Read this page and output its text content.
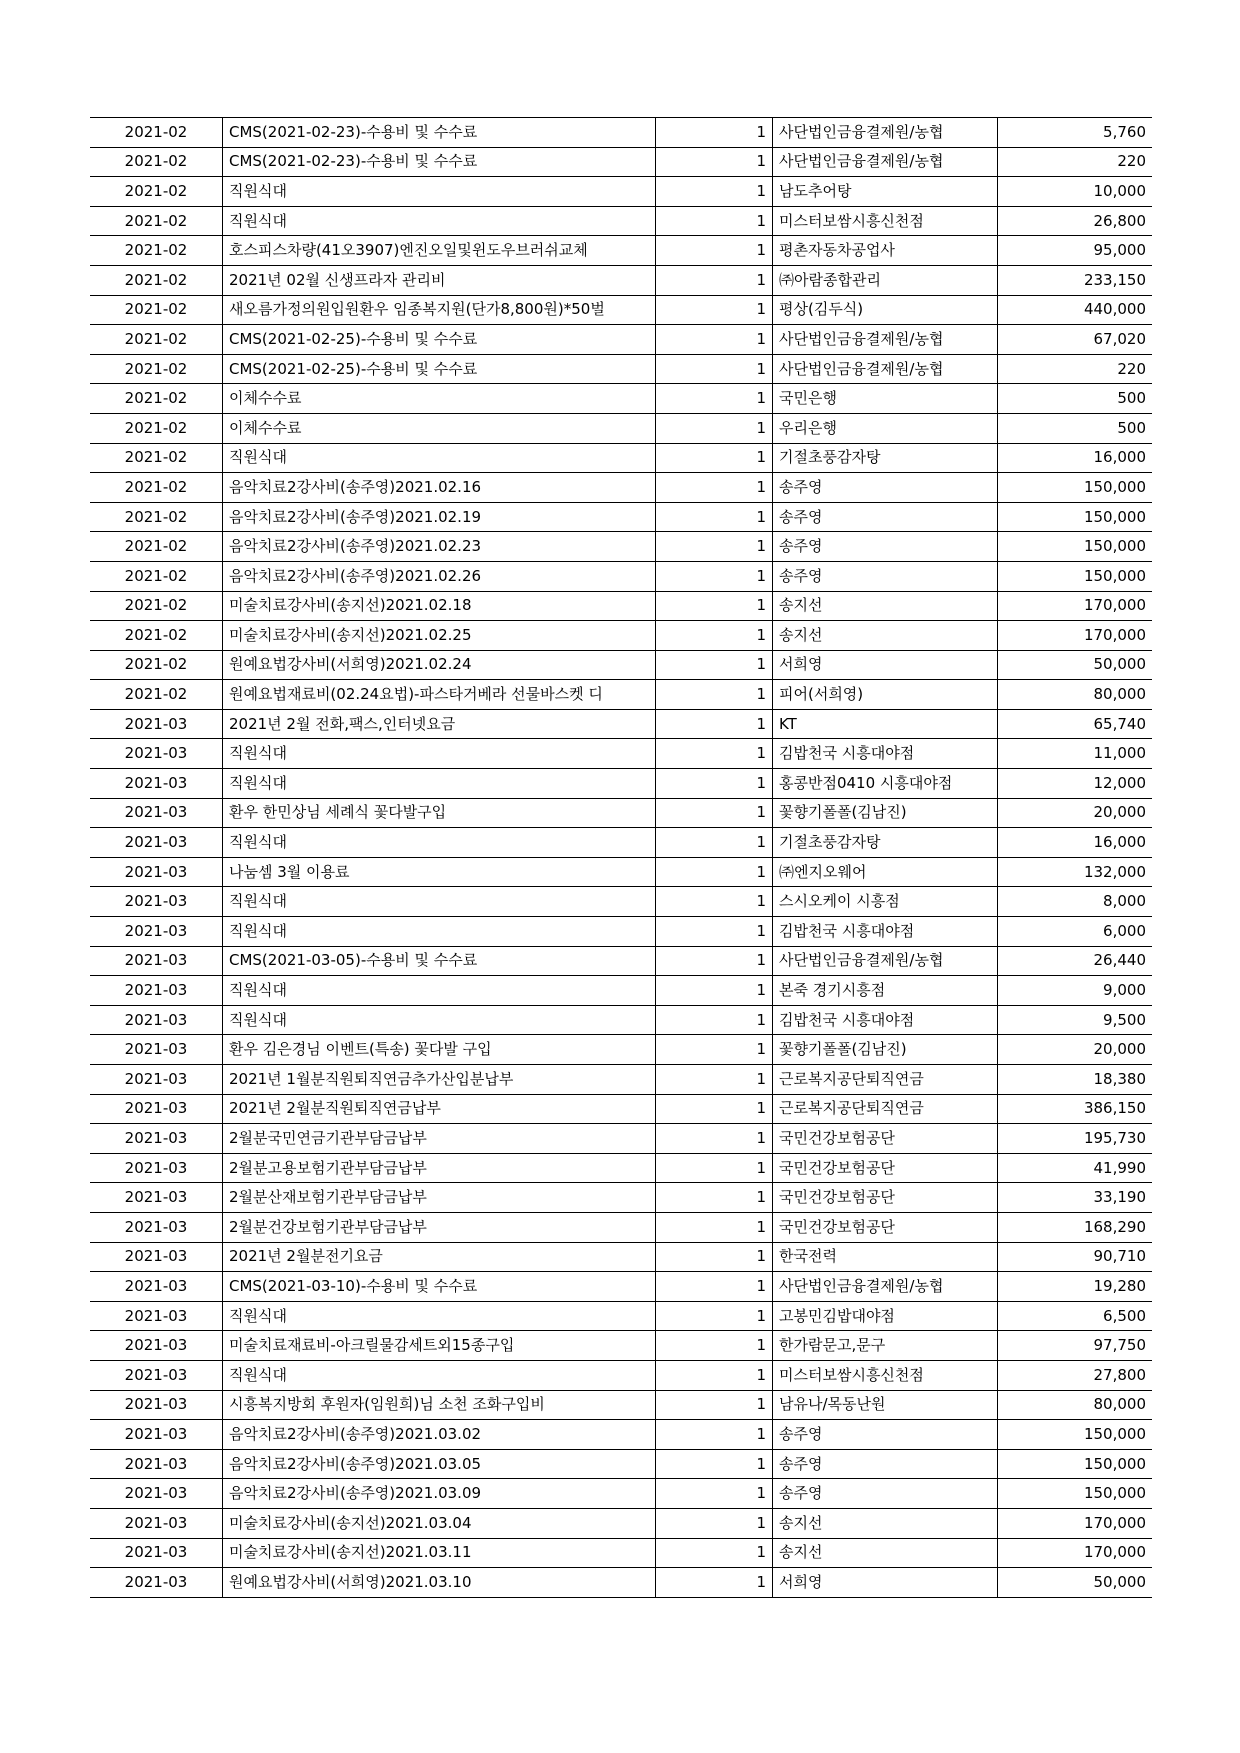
2021-02	CMS(2021-02-23)-수용비 및 수수료	1	사단법인금융결제원/농협	5,760
2021-02	CMS(2021-02-23)-수용비 및 수수료	1	사단법인금융결제원/농협	220
2021-02	직원식대	1	남도추어탕	10,000
2021-02	직원식대	1	미스터보쌈시흥신천점	26,800
2021-02	호스피스차량(41오3907)엔진오일및윈도우브러쉬교체	1	평촌자동차공업사	95,000
2021-02	2021년 02월 신생프라자 관리비	1	㈜아람종합관리	233,150
2021-02	새오름가정의원입원환우 임종복지원(단가8,800원)*50벌	1	평상(김두식)	440,000
2021-02	CMS(2021-02-25)-수용비 및 수수료	1	사단법인금융결제원/농협	67,020
2021-02	CMS(2021-02-25)-수용비 및 수수료	1	사단법인금융결제원/농협	220
2021-02	이체수수료	1	국민은행	500
2021-02	이체수수료	1	우리은행	500
2021-02	직원식대	1	기절초풍감자탕	16,000
2021-02	음악치료2강사비(송주영)2021.02.16	1	송주영	150,000
2021-02	음악치료2강사비(송주영)2021.02.19	1	송주영	150,000
2021-02	음악치료2강사비(송주영)2021.02.23	1	송주영	150,000
2021-02	음악치료2강사비(송주영)2021.02.26	1	송주영	150,000
2021-02	미술치료강사비(송지선)2021.02.18	1	송지선	170,000
2021-02	미술치료강사비(송지선)2021.02.25	1	송지선	170,000
2021-02	원예요법강사비(서희영)2021.02.24	1	서희영	50,000
2021-02	원예요법재료비(02.24요법)-파스타거베라 선물바스켓 디	1	피어(서희영)	80,000
2021-03	2021년 2월 전화,팩스,인터넷요금	1	KT	65,740
2021-03	직원식대	1	김밥천국 시흥대야점	11,000
2021-03	직원식대	1	홍콩반점0410 시흥대야점	12,000
2021-03	환우 한민상님 세례식 꽃다발구입	1	꽃향기폴폴(김남진)	20,000
2021-03	직원식대	1	기절초풍감자탕	16,000
2021-03	나눔셈 3월 이용료	1	㈜엔지오웨어	132,000
2021-03	직원식대	1	스시오케이 시흥점	8,000
2021-03	직원식대	1	김밥천국 시흥대야점	6,000
2021-03	CMS(2021-03-05)-수용비 및 수수료	1	사단법인금융결제원/농협	26,440
2021-03	직원식대	1	본죽 경기시흥점	9,000
2021-03	직원식대	1	김밥천국 시흥대야점	9,500
2021-03	환우 김은경님 이벤트(특송) 꽃다발 구입	1	꽃향기폴폴(김남진)	20,000
2021-03	2021년 1월분직원퇴직연금추가산입분납부	1	근로복지공단퇴직연금	18,380
2021-03	2021년 2월분직원퇴직연금납부	1	근로복지공단퇴직연금	386,150
2021-03	2월분국민연금기관부담금납부	1	국민건강보험공단	195,730
2021-03	2월분고용보험기관부담금납부	1	국민건강보험공단	41,990
2021-03	2월분산재보험기관부담금납부	1	국민건강보험공단	33,190
2021-03	2월분건강보험기관부담금납부	1	국민건강보험공단	168,290
2021-03	2021년 2월분전기요금	1	한국전력	90,710
2021-03	CMS(2021-03-10)-수용비 및 수수료	1	사단법인금융결제원/농협	19,280
2021-03	직원식대	1	고봉민김밥대야점	6,500
2021-03	미술치료재료비-아크릴물감세트외15종구입	1	한가람문고,문구	97,750
2021-03	직원식대	1	미스터보쌈시흥신천점	27,800
2021-03	시흥복지방회 후원자(임원희)님 소천 조화구입비	1	남유나/목동난원	80,000
2021-03	음악치료2강사비(송주영)2021.03.02	1	송주영	150,000
2021-03	음악치료2강사비(송주영)2021.03.05	1	송주영	150,000
2021-03	음악치료2강사비(송주영)2021.03.09	1	송주영	150,000
2021-03	미술치료강사비(송지선)2021.03.04	1	송지선	170,000
2021-03	미술치료강사비(송지선)2021.03.11	1	송지선	170,000
2021-03	원예요법강사비(서희영)2021.03.10	1	서희영	50,000
